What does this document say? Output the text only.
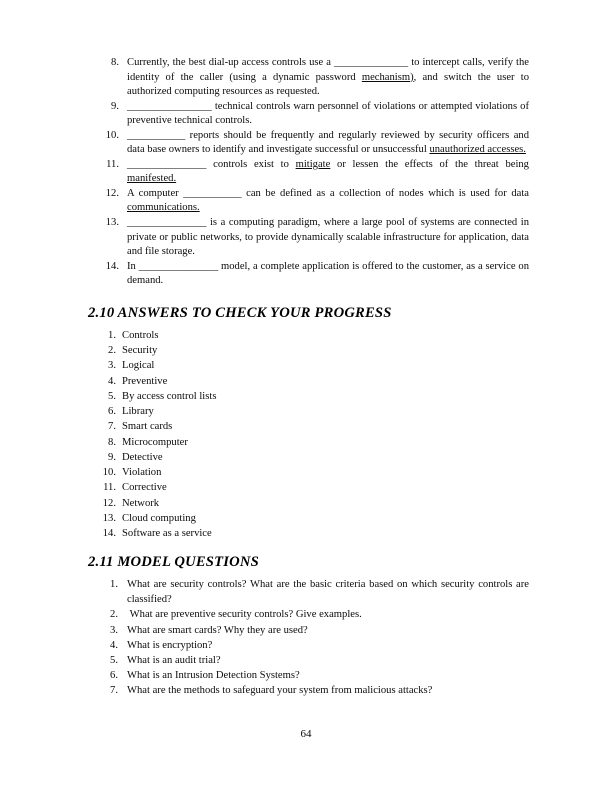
8. Currently, the best dial-up access controls use a ______________ to intercept calls, verify the identity of the caller (using a dynamic password mechanism), and switch the user to authorized computing resources as requested.
9. ________________ technical controls warn personnel of violations or attempted violations of preventive technical controls.
10. ___________ reports should be frequently and regularly reviewed by security officers and data base owners to identify and investigate successful or unsuccessful unauthorized accesses.
11. _______________ controls exist to mitigate or lessen the effects of the threat being manifested.
12. A computer ___________ can be defined as a collection of nodes which is used for data communications.
13. _______________ is a computing paradigm, where a large pool of systems are connected in private or public networks, to provide dynamically scalable infrastructure for application, data and file storage.
14. In _______________ model, a complete application is offered to the customer, as a service on demand.
2.10 ANSWERS TO CHECK YOUR PROGRESS
1. Controls
2. Security
3. Logical
4. Preventive
5. By access control lists
6. Library
7. Smart cards
8. Microcomputer
9. Detective
10. Violation
11. Corrective
12. Network
13. Cloud computing
14. Software as a service
2.11 MODEL QUESTIONS
1. What are security controls? What are the basic criteria based on which security controls are classified?
2. What are preventive security controls? Give examples.
3. What are smart cards? Why they are used?
4. What is encryption?
5. What is an audit trial?
6. What is an Intrusion Detection Systems?
7. What are the methods to safeguard your system from malicious attacks?
64
